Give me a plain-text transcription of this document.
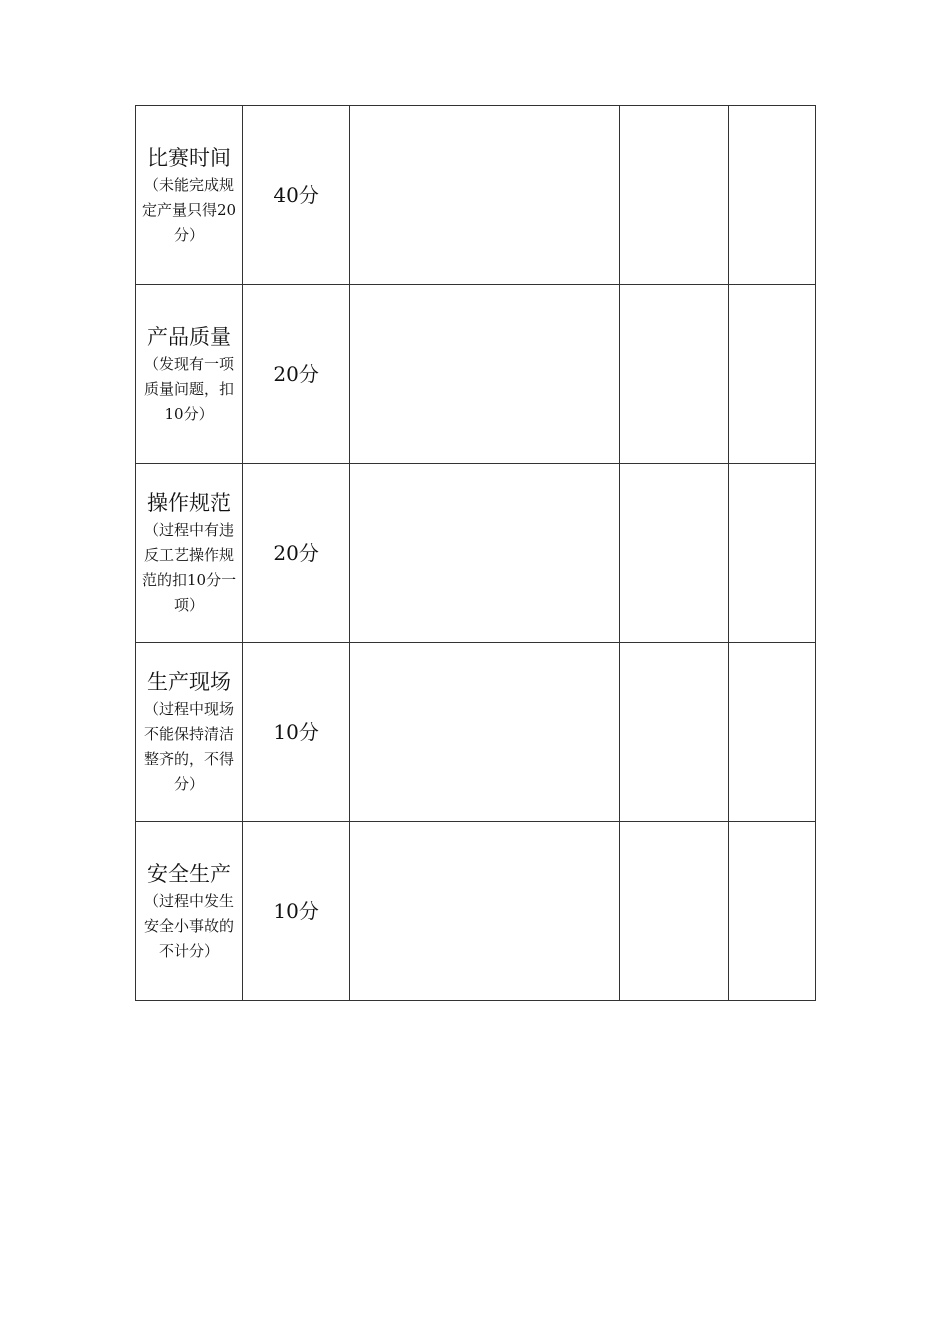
比赛时间
（未能完成规定产量只得20分）	40分			

产品质量
（发现有一项质量问题，扣10分）	20分			

操作规范
（过程中有违反工艺操作规范的扣10分一项）	20分			

生产现场
（过程中现场不能保持清洁整齐的，不得分）	10分			

安全生产
（过程中发生安全小事故的不计分）	10分			
